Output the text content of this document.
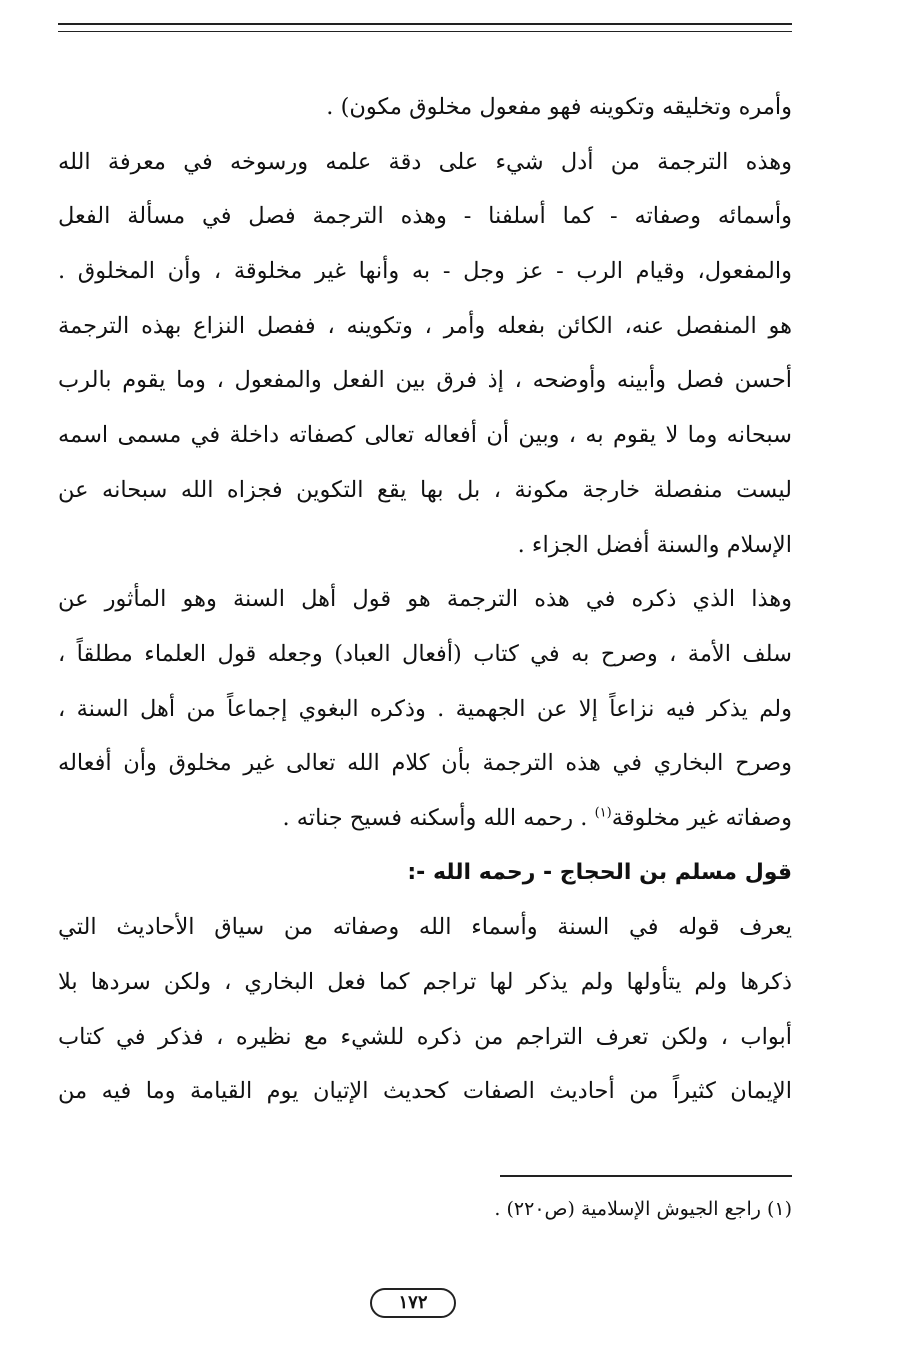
وأمره وتخليقه وتكوينه فهو مفعول مخلوق مكون) .
وهذه الترجمة من أدل شيء على دقة علمه ورسوخه في معرفة الله
وأسمائه وصفاته - كما أسلفنا - وهذه الترجمة فصل في مسألة الفعل
والمفعول، وقيام الرب - عز وجل - به وأنها غير مخلوقة ، وأن المخلوق .
هو المنفصل عنه، الكائن بفعله وأمر ، وتكوينه ، ففصل النزاع بهذه الترجمة
أحسن فصل وأبينه وأوضحه ، إذ فرق بين الفعل والمفعول ، وما يقوم بالرب
سبحانه وما لا يقوم به ، وبين أن أفعاله تعالى كصفاته داخلة في مسمى اسمه
ليست منفصلة خارجة مكونة ، بل بها يقع التكوين فجزاه الله سبحانه عن
الإسلام والسنة أفضل الجزاء .
وهذا الذي ذكره في هذه الترجمة هو قول أهل السنة وهو المأثور عن
سلف الأمة ، وصرح به في كتاب (أفعال العباد) وجعله قول العلماء مطلقاً ،
ولم يذكر فيه نزاعاً إلا عن الجهمية . وذكره البغوي إجماعاً من أهل السنة ،
وصرح البخاري في هذه الترجمة بأن كلام الله تعالى غير مخلوق وأن أفعاله
وصفاته غير مخلوقة$^{(١)}$ . رحمه الله وأسكنه فسيح جناته .
قول مسلم بن الحجاج - رحمه الله -:
يعرف قوله في السنة وأسماء الله وصفاته من سياق الأحاديث التي
ذكرها ولم يتأولها ولم يذكر لها تراجم كما فعل البخاري ، ولكن سردها بلا
أبواب ، ولكن تعرف التراجم من ذكره للشيء مع نظيره ، فذكر في كتاب
الإيمان كثيراً من أحاديث الصفات كحديث الإتيان يوم القيامة وما فيه من
(١) راجع الجيوش الإسلامية (ص٢٢٠) .
١٧٢
